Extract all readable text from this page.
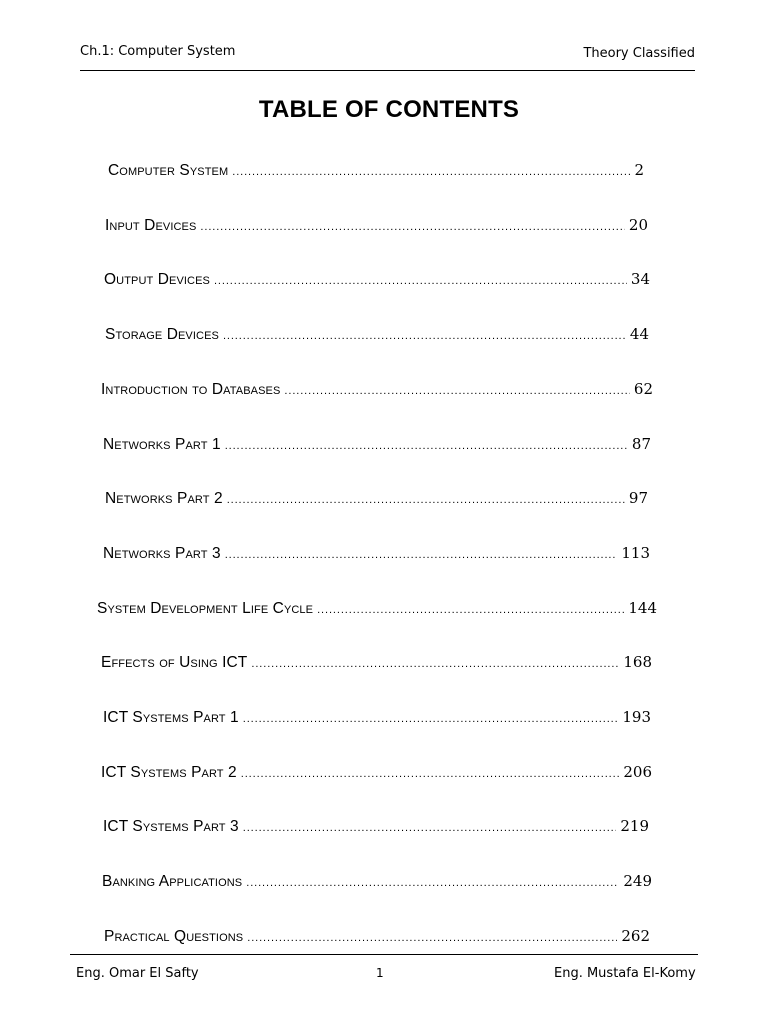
Ch.1: Computer System	Theory Classified
TABLE OF CONTENTS
Computer System .....	2
Input Devices .....	20
Output Devices .....	34
Storage Devices .....	44
Introduction to Databases .....	62
Networks Part 1 .....	87
Networks Part 2 .....	97
Networks Part 3 .....	113
System Development Life Cycle .....	144
Effects of Using ICT .....	168
ICT Systems Part 1 .....	193
ICT Systems Part 2 .....	206
ICT Systems Part 3 .....	219
Banking Applications .....	249
Practical Questions .....	262
Eng. Omar El Safty	1	Eng. Mustafa El-Komy
